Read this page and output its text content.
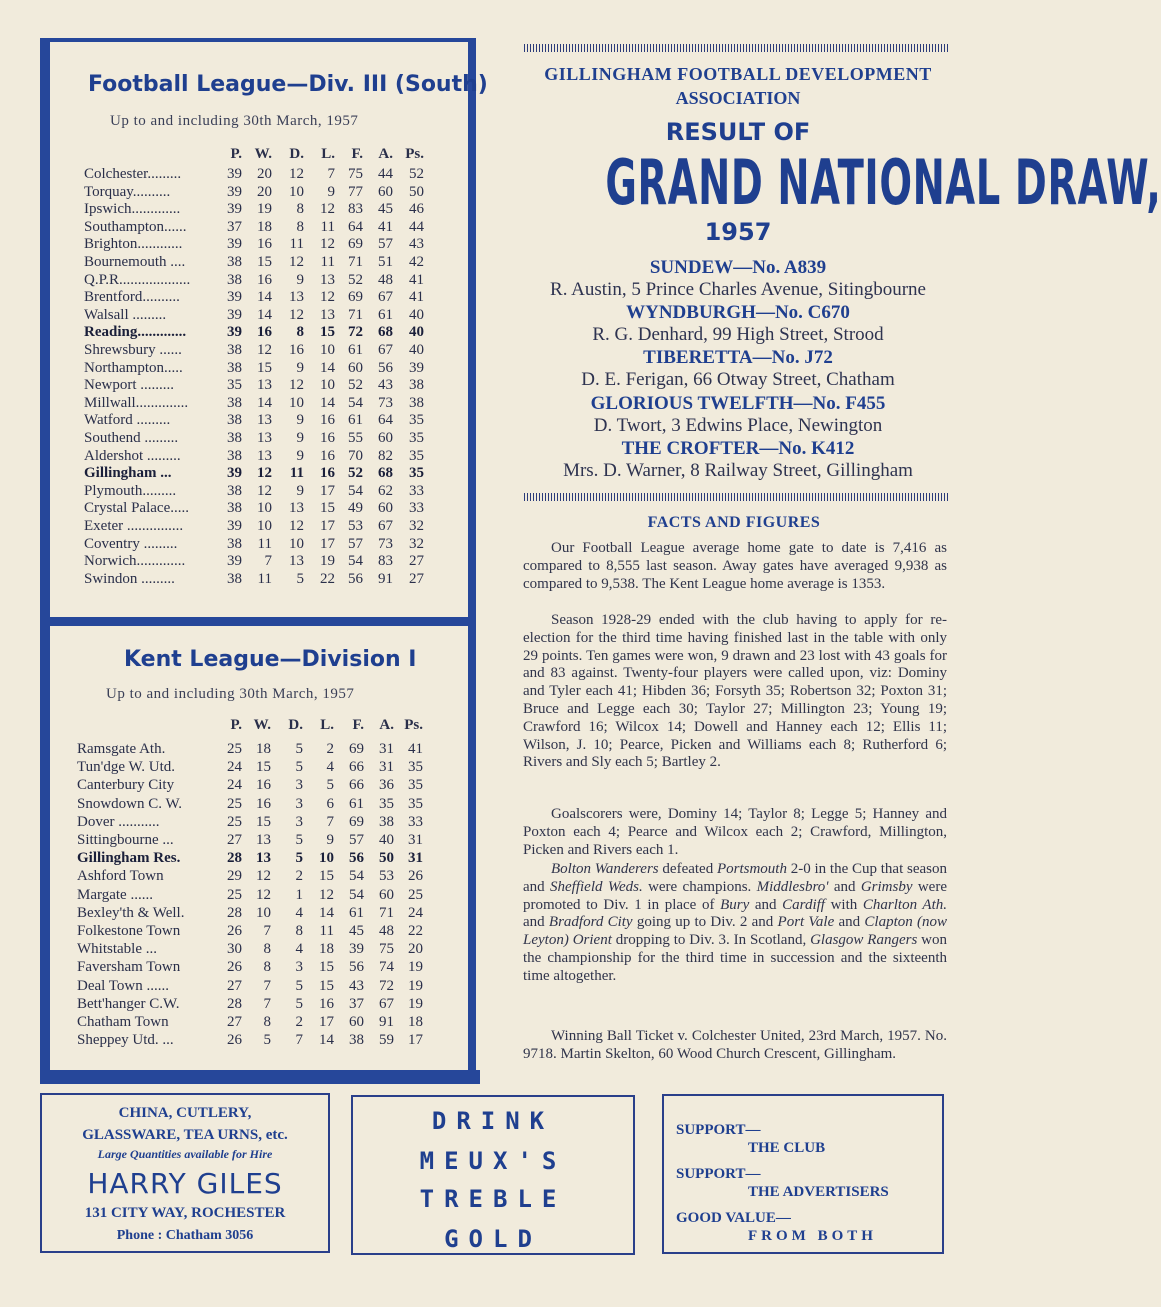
Football League—Div. III (South)
Up to and including 30th March, 1957
P. W.	D.	L.	F.	A. Ps.
Colchester.........	39	20	12	7 75	44	52
Torquay..........	39	20	10	9 77	60	50
Ipswich.............	39	19	8	12 83	45	46
Southampton......	37	18	8	11 64	41	44
Brighton............	39	16	11	12 69	57	43
Bournemouth ....	38	15	12	11 71	51	42
Q.P.R...................	38	16	9	13 52	48	41
Brentford..........	39	14	13	12 69	67	41
Walsall .........	39	14	12	13 71	61	40
Reading.............	39	16	8	15 72	68	40
Shrewsbury ......	38	12	16	10 61	67	40
Northampton.....	38	15	9	14 60	56	39
Newport .........	35	13	12	10 52	43	38
Millwall..............	38	14	10	14 54	73	38
Watford .........	38	13	9	16 61	64	35
Southend .........	38	13	9	16 55	60	35
Aldershot .........	38	13	9	16 70	82	35
Gillingham ...	39	12	11	16 52	68	35
Plymouth.........	38	12	9	17 54	62	33
Crystal Palace.....	38	10	13	15 49	60	33
Exeter ...............	39	10	12	17 53	67	32
Coventry .........	38	11	10	17 57	73	32
Norwich.............	39	7	13	19 54	83	27
Swindon .........	38	11	5	22 56	91	27
Kent League—Division I
Up to and including 30th March, 1957
P. W.	D.	L.	F.	A. Ps.
Ramsgate Ath.	25 18	5	2	69	31 41
Tun'dge W. Utd.	24 15	5	4	66	31 35
Canterbury City	24 16	3	5	66	36 35
Snowdown C. W.	25 16	3	6	61	35 35
Dover ...........	25 15	3	7	69	38 33
Sittingbourne ...	27 13	5	9	57	40 31
Gillingham Res.	28 13	5	10	56	50 31
Ashford Town	29 12	2	15	54	53 26
Margate ......	25 12	1	12	54	60 25
Bexley'th & Well.	28 10	4	14	61	71 24
Folkestone Town	26	7	8	11	45	48 22
Whitstable ...	30	8	4	18	39	75 20
Faversham Town	26	8	3	15	56	74 19
Deal Town ......	27	7	5	15	43	72 19
Bett'hanger C.W.	28	7	5	16	37	67 19
Chatham Town	27	8	2	17	60	91 18
Sheppey Utd. ...	26	5	7	14	38	59 17
GILLINGHAM FOOTBALL DEVELOPMENT
ASSOCIATION
RESULT OF
GRAND NATIONAL DRAW,
1957
SUNDEW—No. A839
R. Austin, 5 Prince Charles Avenue, Sitingbourne
WYNDBURGH—No. C670
R. G. Denhard, 99 High Street, Strood
TIBERETTA—No. J72
D. E. Ferigan, 66 Otway Street, Chatham
GLORIOUS TWELFTH—No. F455
D. Twort, 3 Edwins Place, Newington
THE CROFTER—No. K412
Mrs. D. Warner, 8 Railway Street, Gillingham
FACTS AND FIGURES

Our Football League average home gate to date is 7,416 as compared to 8,555 last season. Away gates have averaged 9,938 as compared to 9,538. The Kent League home average is 1353.

Season 1928-29 ended with the club having to apply for re-election for the third time having finished last in the table with only 29 points. Ten games were won, 9 drawn and 23 lost with 43 goals for and 83 against. Twenty-four players were called upon, viz: Dominy and Tyler each 41; Hibden 36; Forsyth 35; Robertson 32; Poxton 31; Bruce and Legge each 30; Taylor 27; Millington 23; Young 19; Crawford 16; Wilcox 14; Dowell and Hanney each 12; Ellis 11; Wilson, J. 10; Pearce, Picken and Williams each 8; Rutherford 6; Rivers and Sly each 5; Bartley 2.

Goalscorers were, Dominy 14; Taylor 8; Legge 5; Hanney and Poxton each 4; Pearce and Wilcox each 2; Crawford, Millington, Picken and Rivers each 1.

Bolton Wanderers defeated Portsmouth 2-0 in the Cup that season and Sheffield Weds. were champions. Middlesbro' and Grimsby were promoted to Div. 1 in place of Bury and Cardiff with Charlton Ath. and Bradford City going up to Div. 2 and Port Vale and Clapton (now Leyton) Orient dropping to Div. 3. In Scotland, Glasgow Rangers won the championship for the third time in succession and the sixteenth time altogether.

Winning Ball Ticket v. Colchester United, 23rd March, 1957. No. 9718. Martin Skelton, 60 Wood Church Crescent, Gillingham.

CHINA, CUTLERY,
GLASSWARE, TEA URNS, etc.
Large Quantities available for Hire
HARRY GILES
131 CITY WAY, ROCHESTER
Phone : Chatham 3056
DRINK
MEUX'S
TREBLE
GOLD
SUPPORT—
THE CLUB
SUPPORT—
THE ADVERTISERS
GOOD VALUE—
FROM BOTH
